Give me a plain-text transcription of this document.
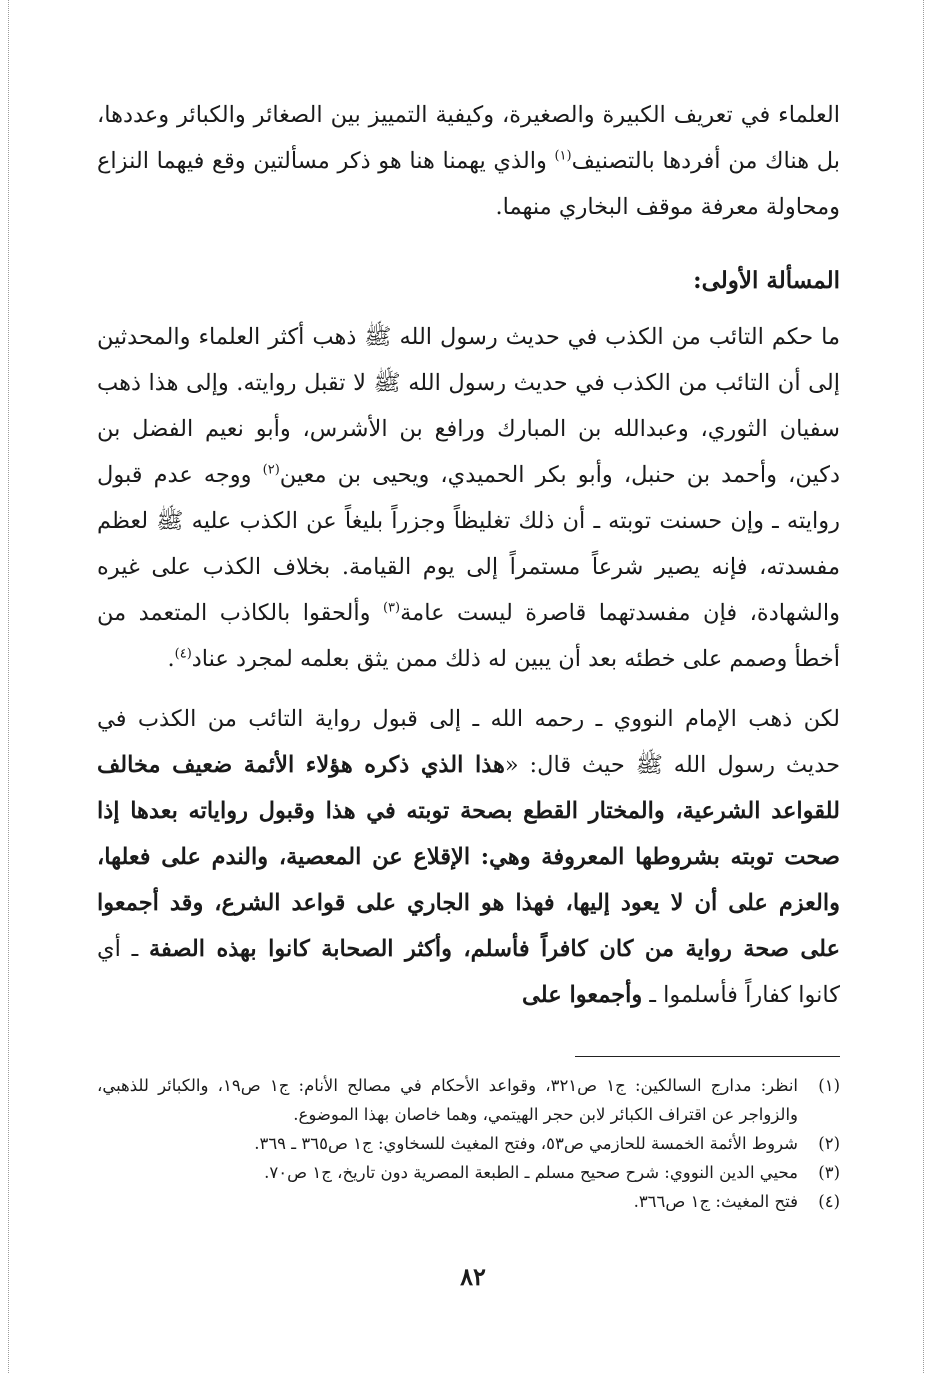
العلماء في تعريف الكبيرة والصغيرة، وكيفية التمييز بين الصغائر والكبائر وعددها، بل هناك من أفردها بالتصنيف$^{(١)}$ والذي يهمنا هنا هو ذكر مسألتين وقع فيهما النزاع ومحاولة معرفة موقف البخاري منهما.

المسألة الأولى:

ما حكم التائب من الكذب في حديث رسول الله ﷺ ذهب أكثر العلماء والمحدثين إلى أن التائب من الكذب في حديث رسول الله ﷺ لا تقبل روايته. وإلى هذا ذهب سفيان الثوري، وعبدالله بن المبارك ورافع بن الأشرس، وأبو نعيم الفضل بن دكين، وأحمد بن حنبل، وأبو بكر الحميدي، ويحيى بن معين$^{(٢)}$ ووجه عدم قبول روايته ـ وإن حسنت توبته ـ أن ذلك تغليظاً وجزراً بليغاً عن الكذب عليه ﷺ لعظم مفسدته، فإنه يصير شرعاً مستمراً إلى يوم القيامة. بخلاف الكذب على غيره والشهادة، فإن مفسدتهما قاصرة ليست عامة$^{(٣)}$ وألحقوا بالكاذب المتعمد من أخطأ وصمم على خطئه بعد أن يبين له ذلك ممن يثق بعلمه لمجرد عناد$^{(٤)}$.

لكن ذهب الإمام النووي ـ رحمه الله ـ إلى قبول رواية التائب من الكذب في حديث رسول الله ﷺ حيث قال: «هذا الذي ذكره هؤلاء الأئمة ضعيف مخالف للقواعد الشرعية، والمختار القطع بصحة توبته في هذا وقبول رواياته بعدها إذا صحت توبته بشروطها المعروفة وهي: الإقلاع عن المعصية، والندم على فعلها، والعزم على أن لا يعود إليها، فهذا هو الجاري على قواعد الشرع، وقد أجمعوا على صحة رواية من كان كافراً فأسلم، وأكثر الصحابة كانوا بهذه الصفة ـ أي كانوا كفاراً فأسلموا ـ وأجمعوا على

(١)
انظر: مدارج السالكين: ج١ ص٣٢١، وقواعد الأحكام في مصالح الأنام: ج١ ص١٩، والكبائر للذهبي، والزواجر عن اقتراف الكبائر لابن حجر الهيتمي، وهما خاصان بهذا الموضوع.
(٢)
شروط الأئمة الخمسة للحازمي ص٥٣، وفتح المغيث للسخاوي: ج١ ص٣٦٥ ـ ٣٦٩.
(٣)
محيي الدين النووي: شرح صحيح مسلم ـ الطبعة المصرية دون تاريخ، ج١ ص٧٠.
(٤)
فتح المغيث: ج١ ص٣٦٦.
٨٢
